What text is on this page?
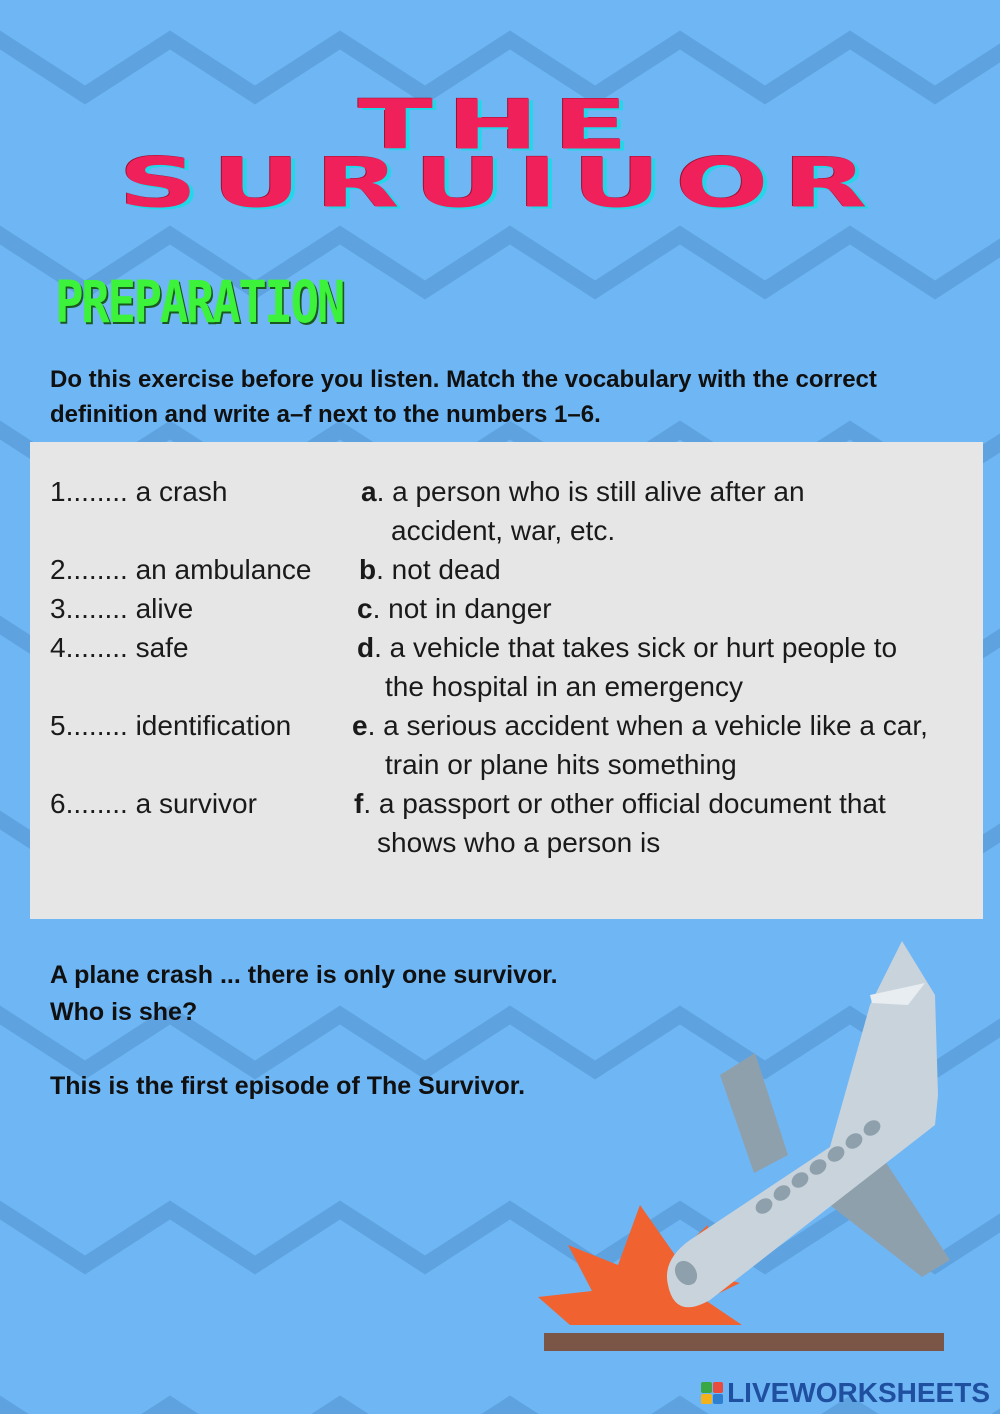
THE
SURUIUOR
PREPARATION
Do this exercise before you listen. Match the vocabulary with the correct definition and write a–f next to the numbers 1–6.
1........ a crash	a. a person who is still alive after an
accident, war, etc.
2........ an ambulance b. not dead
3........ alive	c. not in danger
4........ safe	d. a vehicle that takes sick or hurt people to
the hospital in an emergency
5........ identification e. a serious accident when a vehicle like a car,
train or plane hits something
6........ a survivor	f. a passport or other official document that
shows who a person is

A plane crash ... there is only one survivor.

Who is she?

This is the first episode of The Survivor.

LIVEWORKSHEETS
